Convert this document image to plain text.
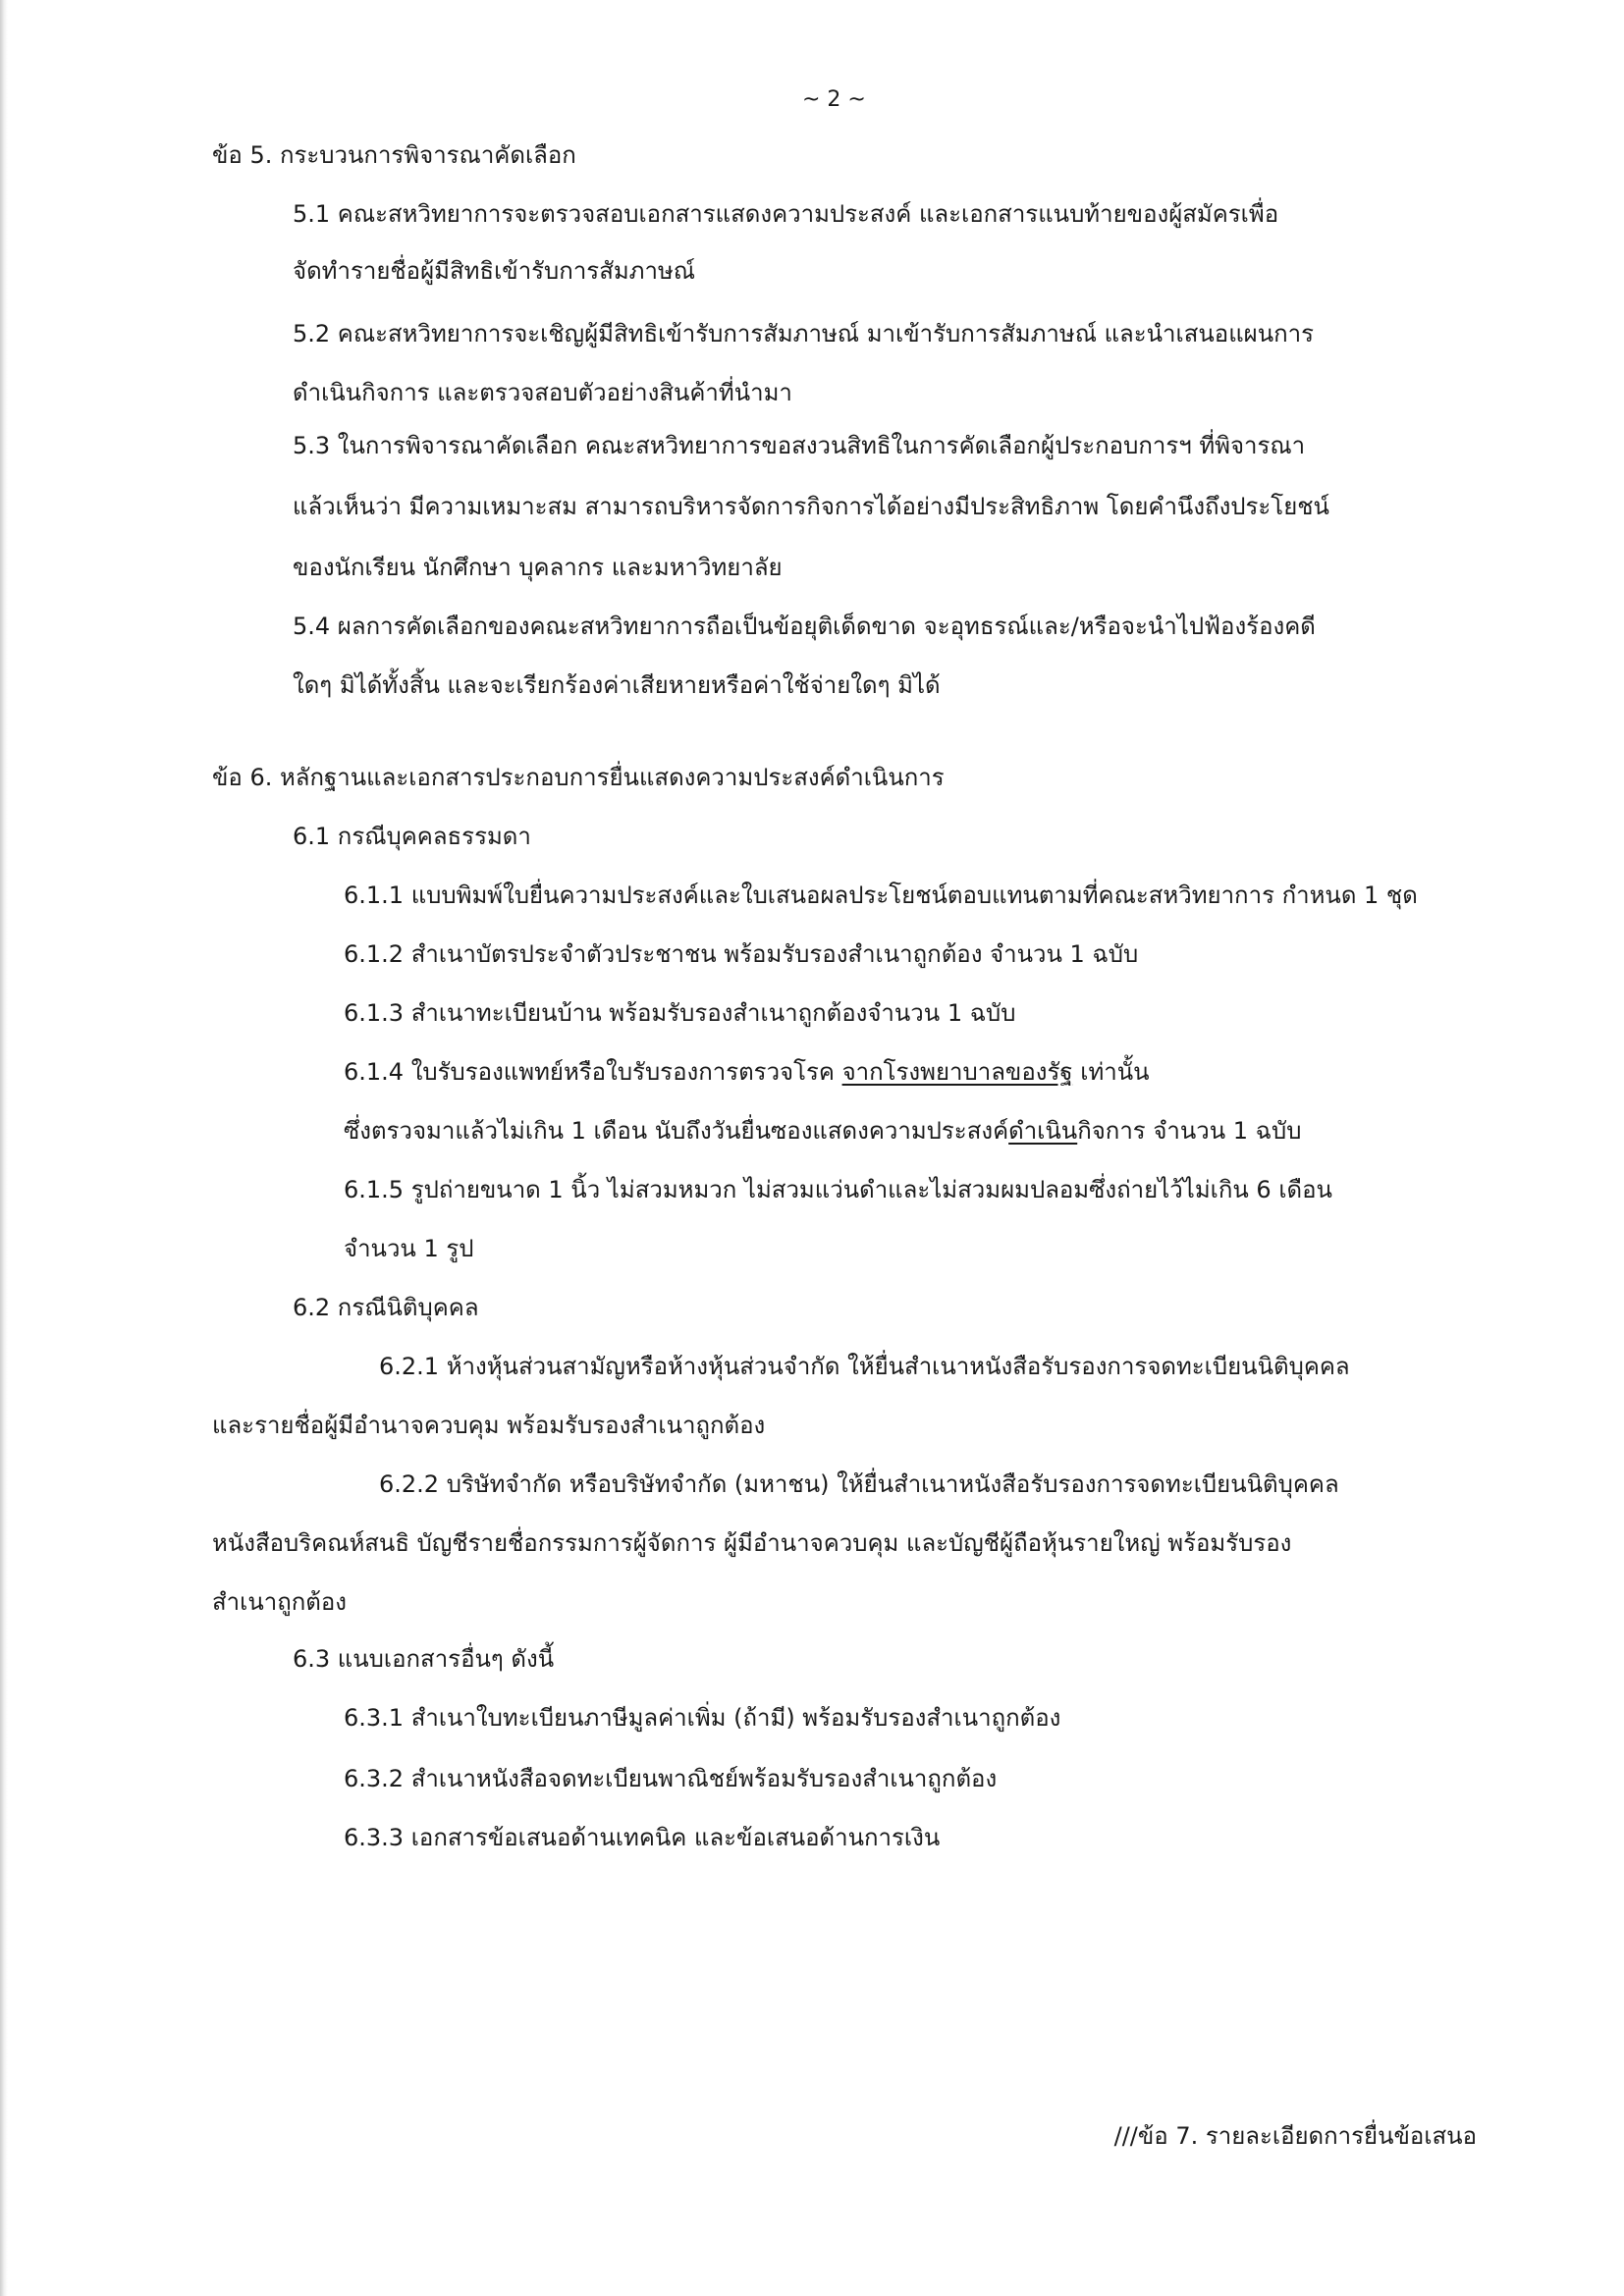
~ 2 ~
ข้อ 5. กระบวนการพิจารณาคัดเลือก
5.1 คณะสหวิทยาการจะตรวจสอบเอกสารแสดงความประสงค์ และเอกสารแนบท้ายของผู้สมัครเพื่อ
จัดทำรายชื่อผู้มีสิทธิเข้ารับการสัมภาษณ์
5.2 คณะสหวิทยาการจะเชิญผู้มีสิทธิเข้ารับการสัมภาษณ์ มาเข้ารับการสัมภาษณ์ และนำเสนอแผนการ
ดำเนินกิจการ และตรวจสอบตัวอย่างสินค้าที่นำมา
5.3 ในการพิจารณาคัดเลือก คณะสหวิทยาการขอสงวนสิทธิในการคัดเลือกผู้ประกอบการฯ ที่พิจารณา
แล้วเห็นว่า มีความเหมาะสม สามารถบริหารจัดการกิจการได้อย่างมีประสิทธิภาพ โดยคำนึงถึงประโยชน์
ของนักเรียน นักศึกษา บุคลากร และมหาวิทยาลัย
5.4 ผลการคัดเลือกของคณะสหวิทยาการถือเป็นข้อยุติเด็ดขาด จะอุทธรณ์และ/หรือจะนำไปฟ้องร้องคดี
ใดๆ มิได้ทั้งสิ้น และจะเรียกร้องค่าเสียหายหรือค่าใช้จ่ายใดๆ มิได้
ข้อ 6. หลักฐานและเอกสารประกอบการยื่นแสดงความประสงค์ดำเนินการ
6.1 กรณีบุคคลธรรมดา
6.1.1 แบบพิมพ์ใบยื่นความประสงค์และใบเสนอผลประโยชน์ตอบแทนตามที่คณะสหวิทยาการ กำหนด 1 ชุด
6.1.2 สำเนาบัตรประจำตัวประชาชน พร้อมรับรองสำเนาถูกต้อง จำนวน 1 ฉบับ
6.1.3 สำเนาทะเบียนบ้าน พร้อมรับรองสำเนาถูกต้องจำนวน 1 ฉบับ
6.1.4 ใบรับรองแพทย์หรือใบรับรองการตรวจโรค จากโรงพยาบาลของรัฐ เท่านั้น
ซึ่งตรวจมาแล้วไม่เกิน 1 เดือน นับถึงวันยื่นซองแสดงความประสงค์ดำเนินกิจการ จำนวน 1 ฉบับ
6.1.5 รูปถ่ายขนาด 1 นิ้ว ไม่สวมหมวก ไม่สวมแว่นดำและไม่สวมผมปลอมซึ่งถ่ายไว้ไม่เกิน 6 เดือน
จำนวน 1 รูป
6.2 กรณีนิติบุคคล
6.2.1 ห้างหุ้นส่วนสามัญหรือห้างหุ้นส่วนจำกัด ให้ยื่นสำเนาหนังสือรับรองการจดทะเบียนนิติบุคคล
และรายชื่อผู้มีอำนาจควบคุม พร้อมรับรองสำเนาถูกต้อง
6.2.2 บริษัทจำกัด หรือบริษัทจำกัด (มหาชน) ให้ยื่นสำเนาหนังสือรับรองการจดทะเบียนนิติบุคคล
หนังสือบริคณห์สนธิ บัญชีรายชื่อกรรมการผู้จัดการ ผู้มีอำนาจควบคุม และบัญชีผู้ถือหุ้นรายใหญ่ พร้อมรับรอง
สำเนาถูกต้อง
6.3 แนบเอกสารอื่นๆ ดังนี้
6.3.1 สำเนาใบทะเบียนภาษีมูลค่าเพิ่ม (ถ้ามี) พร้อมรับรองสำเนาถูกต้อง
6.3.2 สำเนาหนังสือจดทะเบียนพาณิชย์พร้อมรับรองสำเนาถูกต้อง
6.3.3 เอกสารข้อเสนอด้านเทคนิค และข้อเสนอด้านการเงิน
///ข้อ 7. รายละเอียดการยื่นข้อเสนอ
